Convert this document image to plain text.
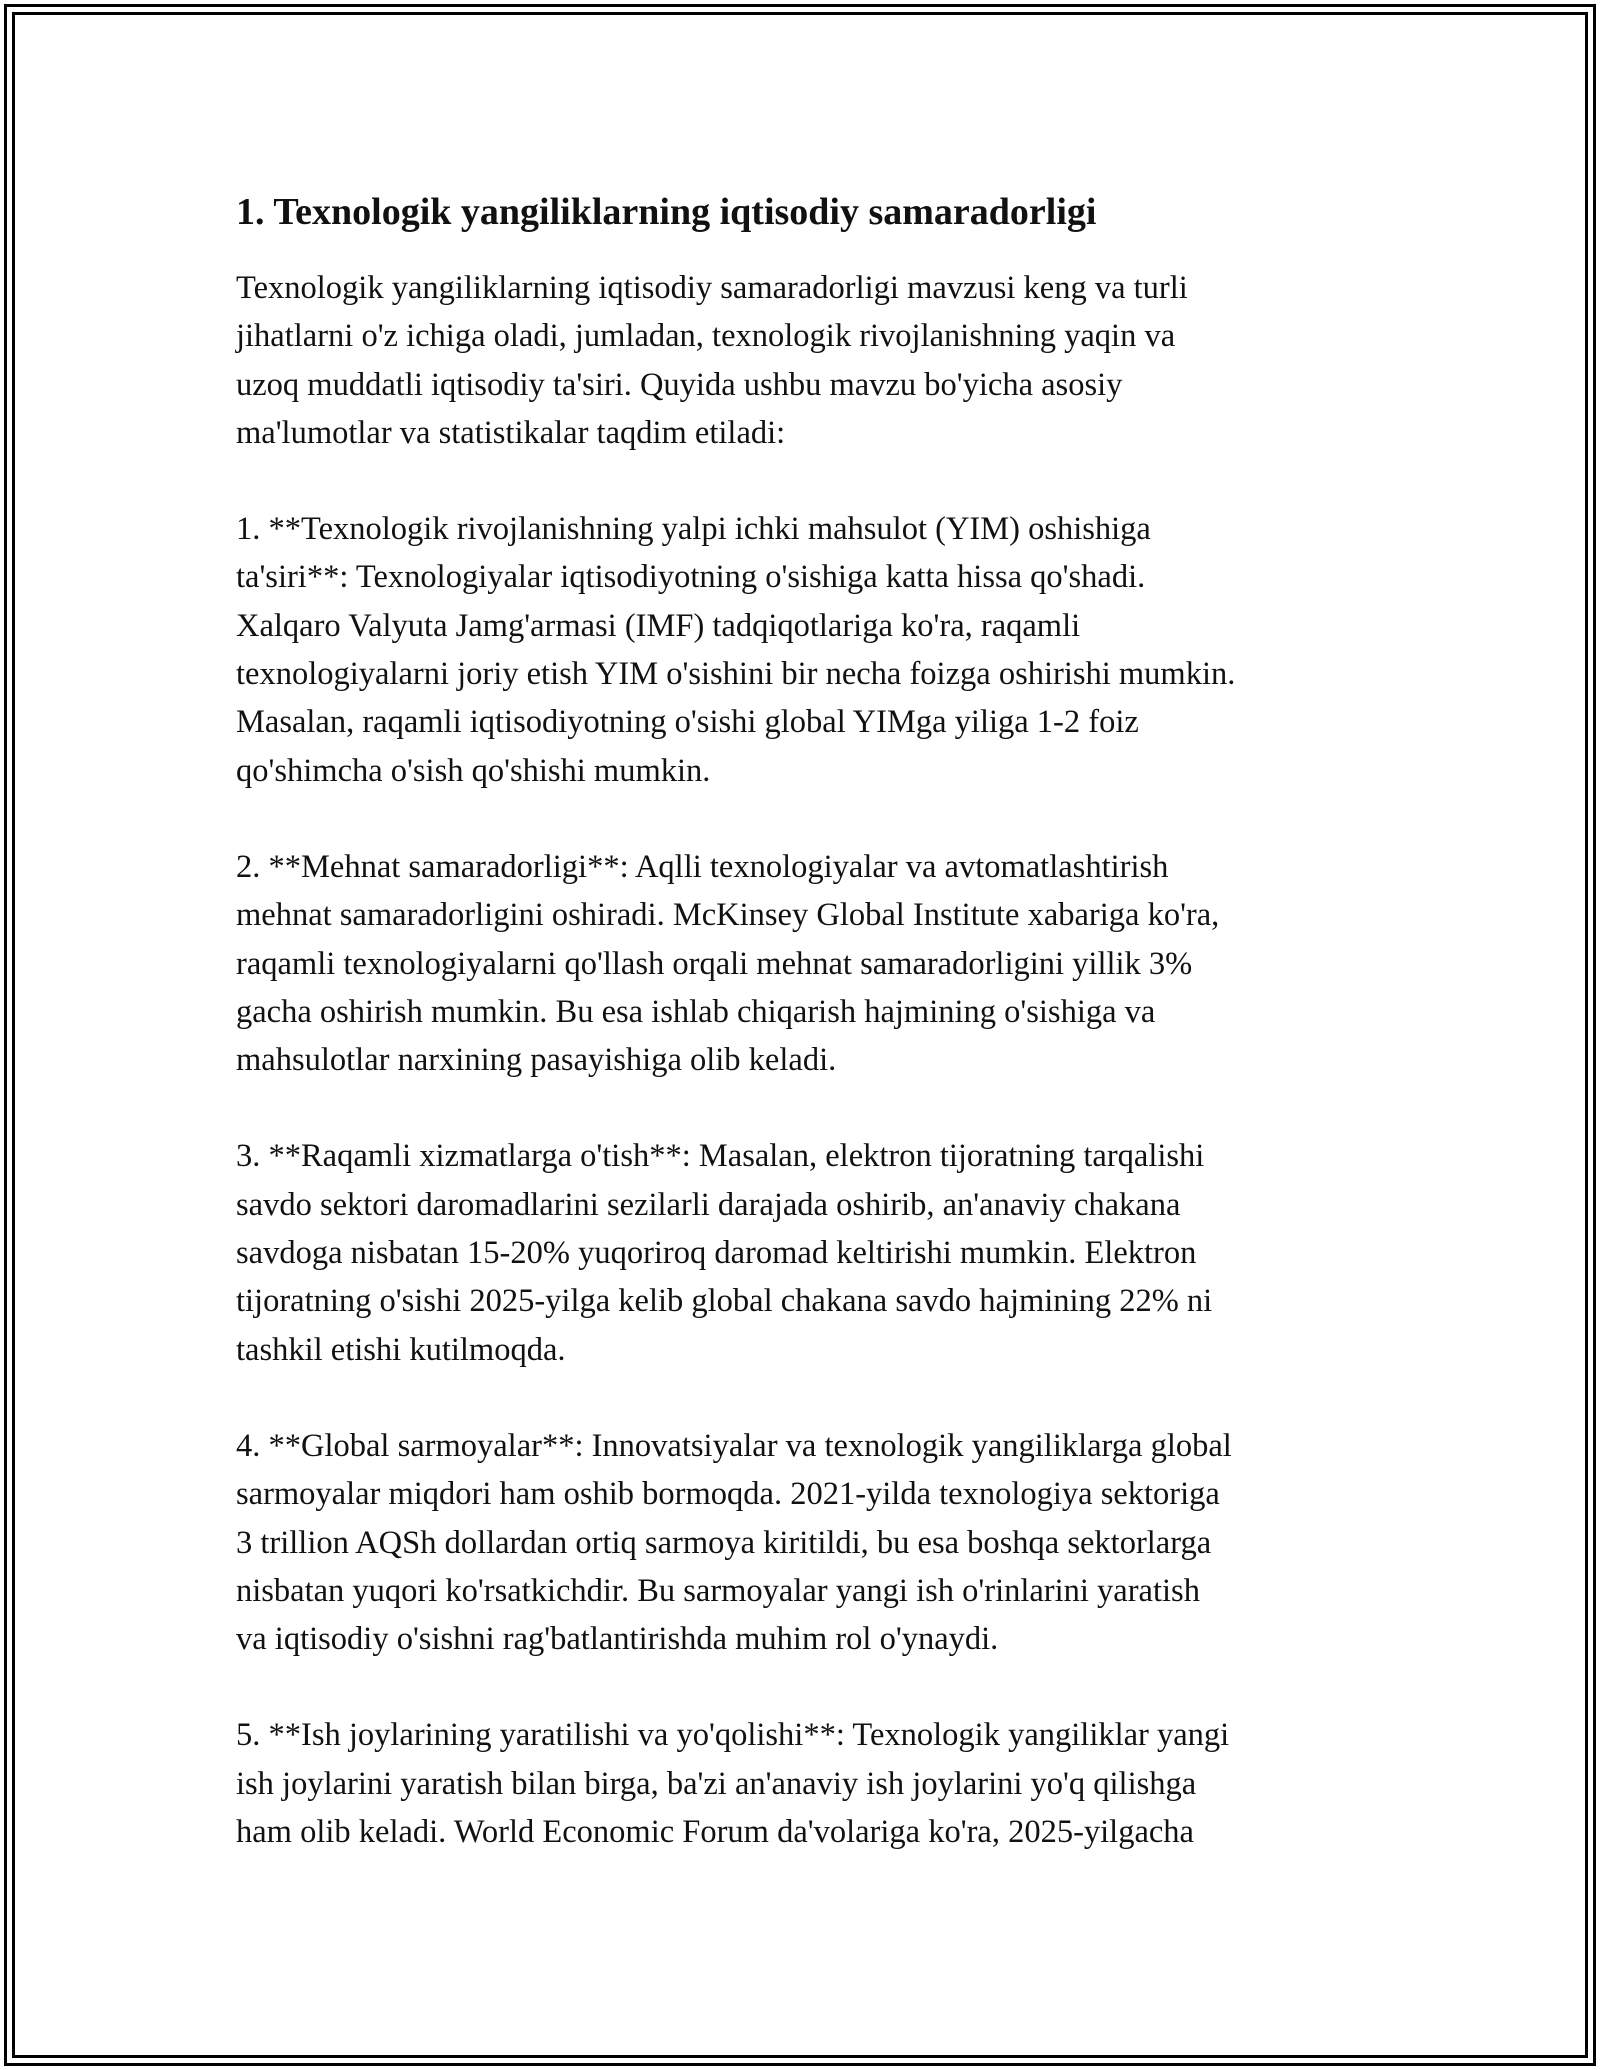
1. Texnologik yangiliklarning iqtisodiy samaradorligi

Texnologik yangiliklarning iqtisodiy samaradorligi mavzusi keng va turli
jihatlarni o'z ichiga oladi, jumladan, texnologik rivojlanishning yaqin va
uzoq muddatli iqtisodiy ta'siri. Quyida ushbu mavzu bo'yicha asosiy
ma'lumotlar va statistikalar taqdim etiladi:

1. **Texnologik rivojlanishning yalpi ichki mahsulot (YIM) oshishiga
ta'siri**: Texnologiyalar iqtisodiyotning o'sishiga katta hissa qo'shadi.
Xalqaro Valyuta Jamg'armasi (IMF) tadqiqotlariga ko'ra, raqamli
texnologiyalarni joriy etish YIM o'sishini bir necha foizga oshirishi mumkin.
Masalan, raqamli iqtisodiyotning o'sishi global YIMga yiliga 1-2 foiz
qo'shimcha o'sish qo'shishi mumkin.

2. **Mehnat samaradorligi**: Aqlli texnologiyalar va avtomatlashtirish
mehnat samaradorligini oshiradi. McKinsey Global Institute xabariga ko'ra,
raqamli texnologiyalarni qo'llash orqali mehnat samaradorligini yillik 3%
gacha oshirish mumkin. Bu esa ishlab chiqarish hajmining o'sishiga va
mahsulotlar narxining pasayishiga olib keladi.

3. **Raqamli xizmatlarga o'tish**: Masalan, elektron tijoratning tarqalishi
savdo sektori daromadlarini sezilarli darajada oshirib, an'anaviy chakana
savdoga nisbatan 15-20% yuqoriroq daromad keltirishi mumkin. Elektron
tijoratning o'sishi 2025-yilga kelib global chakana savdo hajmining 22% ni
tashkil etishi kutilmoqda.

4. **Global sarmoyalar**: Innovatsiyalar va texnologik yangiliklarga global
sarmoyalar miqdori ham oshib bormoqda. 2021-yilda texnologiya sektoriga
3 trillion AQSh dollardan ortiq sarmoya kiritildi, bu esa boshqa sektorlarga
nisbatan yuqori ko'rsatkichdir. Bu sarmoyalar yangi ish o'rinlarini yaratish
va iqtisodiy o'sishni rag'batlantirishda muhim rol o'ynaydi.

5. **Ish joylarining yaratilishi va yo'qolishi**: Texnologik yangiliklar yangi
ish joylarini yaratish bilan birga, ba'zi an'anaviy ish joylarini yo'q qilishga
ham olib keladi. World Economic Forum da'volariga ko'ra, 2025-yilgacha
